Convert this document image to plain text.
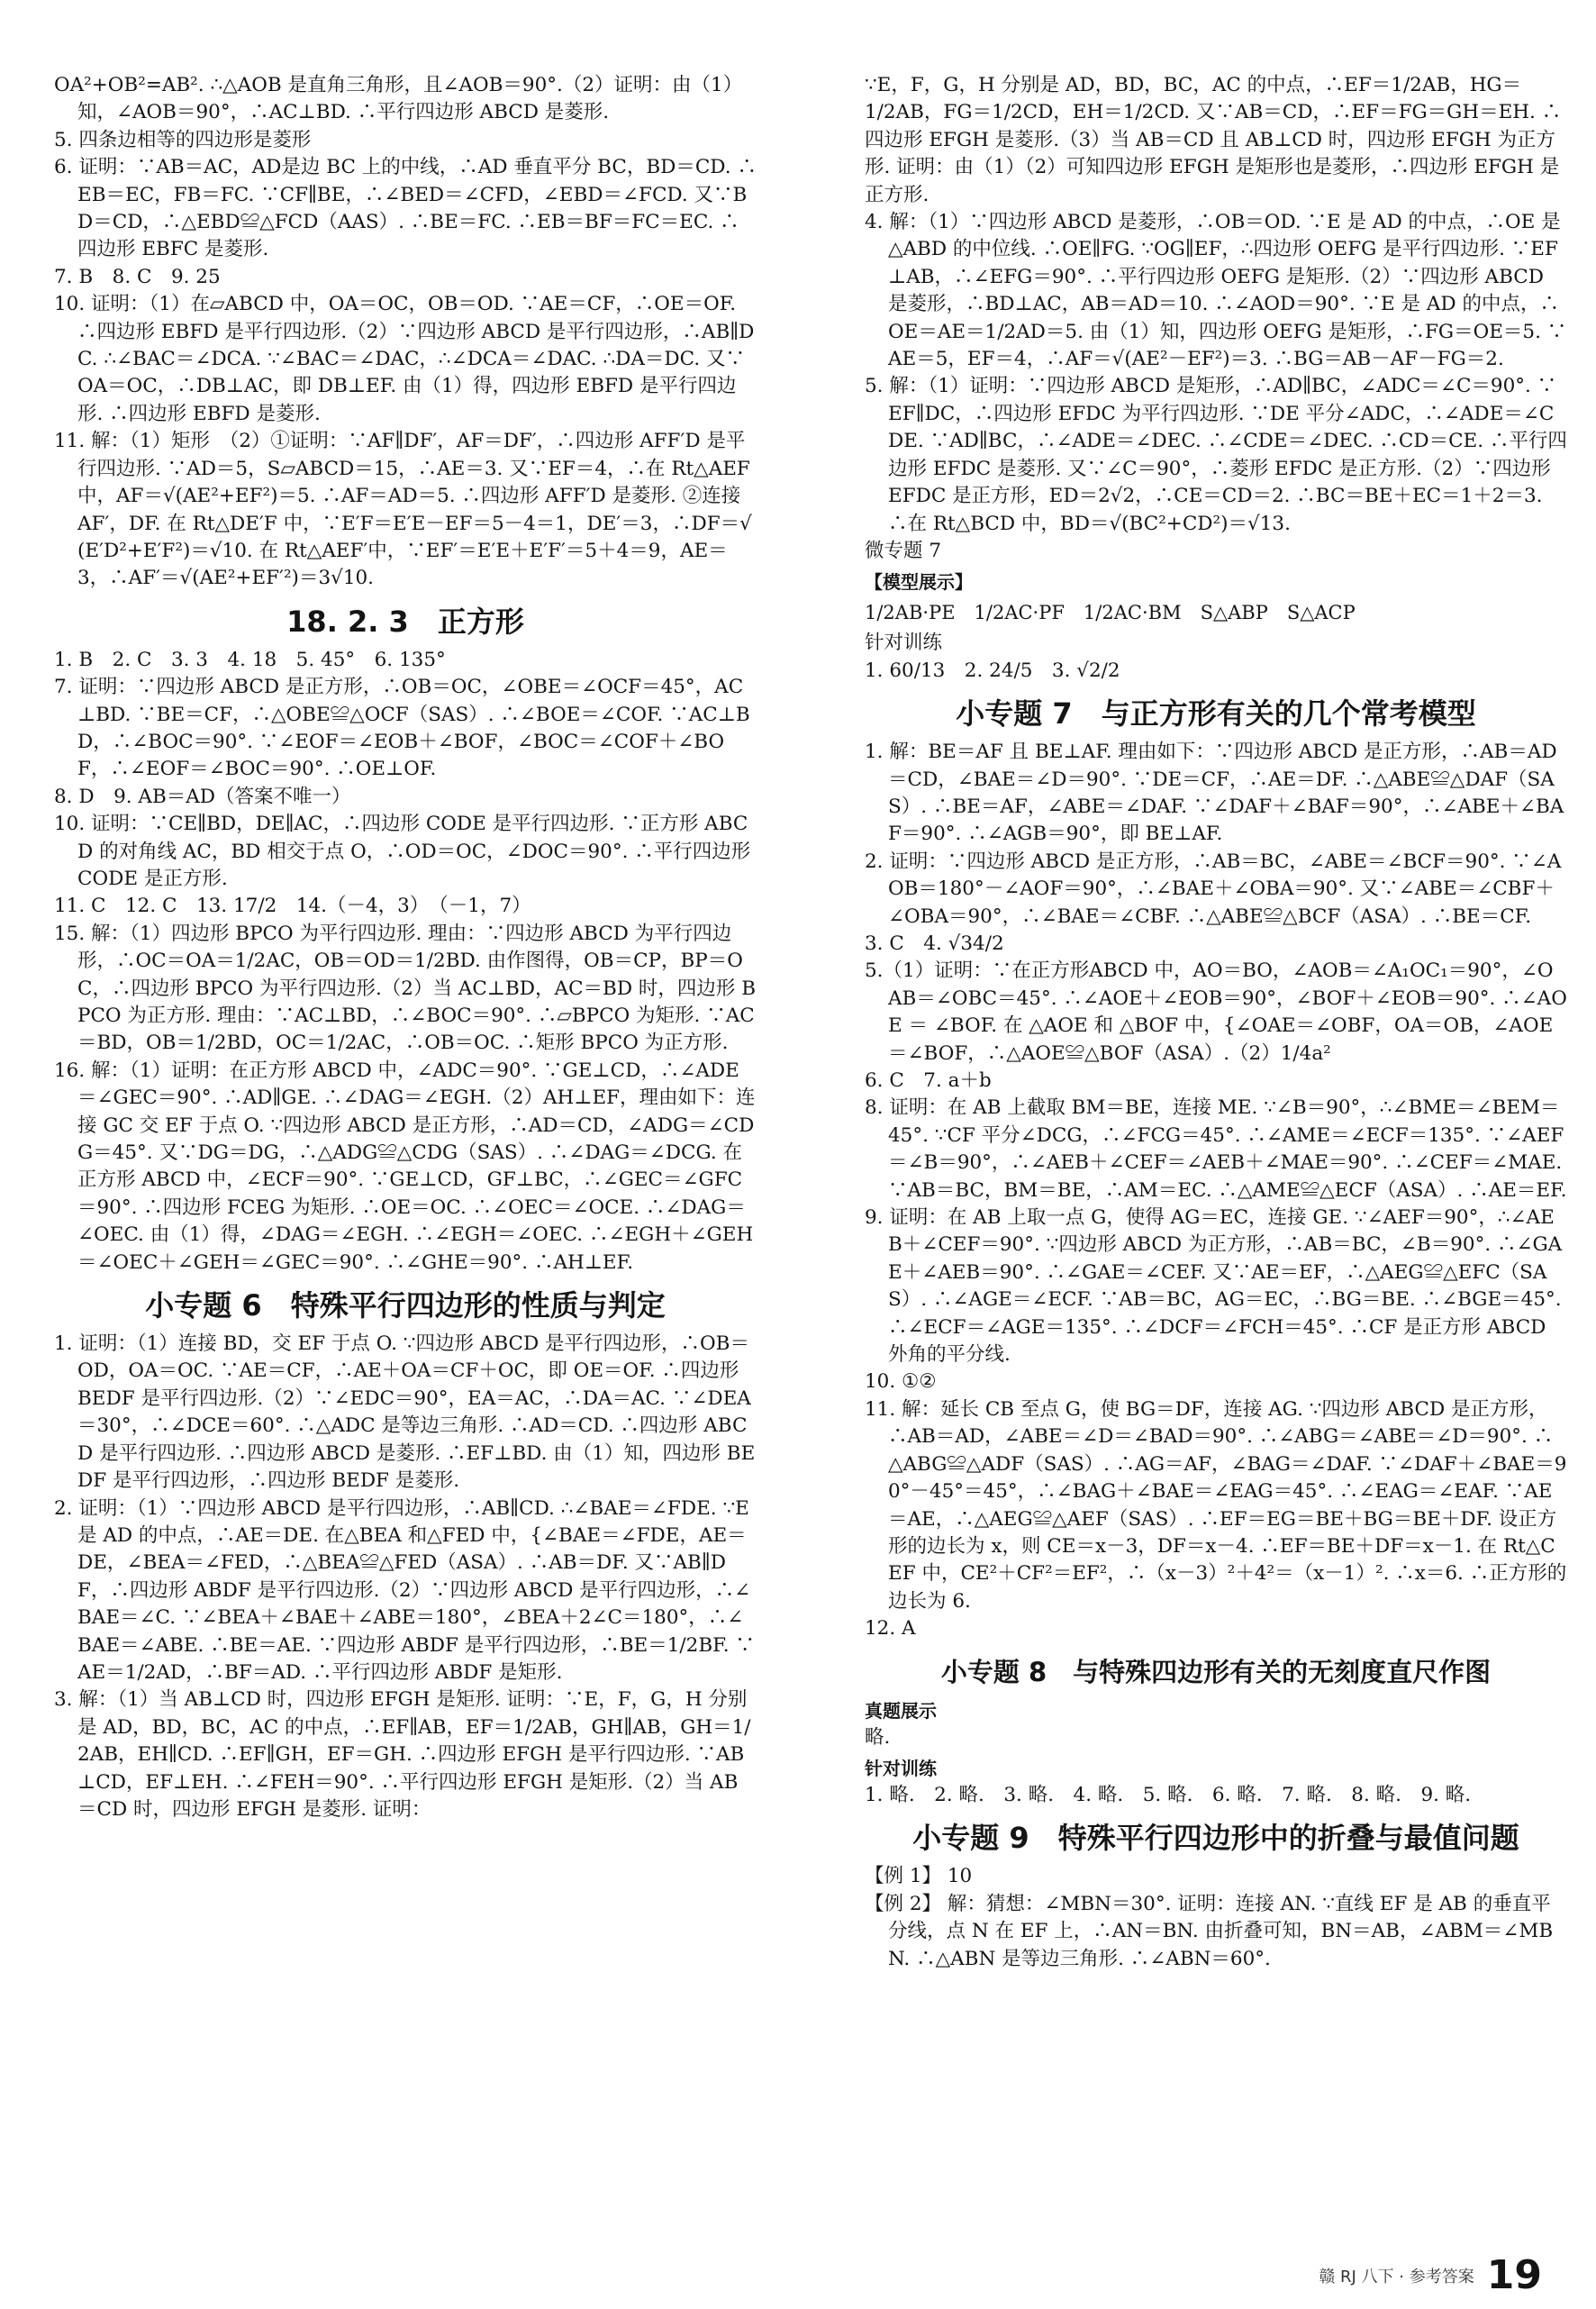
OA²+OB²=AB². ∴△AOB 是直角三角形，且∠AOB＝90°.（2）证明：由（1）知，∠AOB＝90°，∴AC⊥BD. ∴平行四边形 ABCD 是菱形.

5. 四条边相等的四边形是菱形

6. 证明：∵AB＝AC，AD是边 BC 上的中线，∴AD 垂直平分 BC，BD＝CD. ∴EB＝EC，FB＝FC. ∵CF∥BE，∴∠BED＝∠CFD，∠EBD＝∠FCD. 又∵BD＝CD，∴△EBD≌△FCD（AAS）. ∴BE＝FC. ∴EB＝BF＝FC＝EC. ∴四边形 EBFC 是菱形.

7. B　8. C　9. 25

10. 证明：（1）在▱ABCD 中，OA＝OC，OB＝OD. ∵AE＝CF，∴OE＝OF. ∴四边形 EBFD 是平行四边形.（2）∵四边形 ABCD 是平行四边形，∴AB∥DC. ∴∠BAC＝∠DCA. ∵∠BAC＝∠DAC，∴∠DCA＝∠DAC. ∴DA＝DC. 又∵OA＝OC，∴DB⊥AC，即 DB⊥EF. 由（1）得，四边形 EBFD 是平行四边形. ∴四边形 EBFD 是菱形.

11. 解：（1）矩形　（2）①证明：∵AF∥DF′，AF＝DF′，∴四边形 AFF′D 是平行四边形. ∵AD＝5，S▱ABCD＝15，∴AE＝3. 又∵EF＝4，∴在 Rt△AEF 中，AF＝√(AE²+EF²)＝5. ∴AF＝AD＝5. ∴四边形 AFF′D 是菱形. ②连接 AF′，DF. 在 Rt△DE′F 中，∵E′F＝E′E－EF＝5－4＝1，DE′＝3，∴DF＝√(E′D²+E′F²)＝√10. 在 Rt△AEF′中，∵EF′＝E′E＋E′F′＝5＋4＝9，AE＝3，∴AF′＝√(AE²+EF′²)＝3√10.

18. 2. 3　正方形

1. B　2. C　3. 3　4. 18　5. 45°　6. 135°

7. 证明：∵四边形 ABCD 是正方形，∴OB＝OC，∠OBE＝∠OCF＝45°，AC⊥BD. ∵BE＝CF，∴△OBE≌△OCF（SAS）. ∴∠BOE＝∠COF. ∵AC⊥BD，∴∠BOC＝90°. ∵∠EOF＝∠EOB＋∠BOF，∠BOC＝∠COF＋∠BOF，∴∠EOF＝∠BOC＝90°. ∴OE⊥OF.

8. D　9. AB＝AD（答案不唯一）

10. 证明：∵CE∥BD，DE∥AC，∴四边形 CODE 是平行四边形. ∵正方形 ABCD 的对角线 AC，BD 相交于点 O，∴OD＝OC，∠DOC＝90°. ∴平行四边形 CODE 是正方形.

11. C　12. C　13. 17/2　14.（－4，3）　（－1，7）

15. 解：（1）四边形 BPCO 为平行四边形. 理由：∵四边形 ABCD 为平行四边形，∴OC＝OA＝1/2AC，OB＝OD＝1/2BD. 由作图得，OB＝CP，BP＝OC，∴四边形 BPCO 为平行四边形.（2）当 AC⊥BD，AC＝BD 时，四边形 BPCO 为正方形. 理由：∵AC⊥BD，∴∠BOC＝90°. ∴▱BPCO 为矩形. ∵AC＝BD，OB＝1/2BD，OC＝1/2AC，∴OB＝OC. ∴矩形 BPCO 为正方形.

16. 解：（1）证明：在正方形 ABCD 中，∠ADC＝90°. ∵GE⊥CD，∴∠ADE＝∠GEC＝90°. ∴AD∥GE. ∴∠DAG＝∠EGH.（2）AH⊥EF，理由如下：连接 GC 交 EF 于点 O. ∵四边形 ABCD 是正方形，∴AD＝CD，∠ADG＝∠CDG＝45°. 又∵DG＝DG，∴△ADG≌△CDG（SAS）. ∴∠DAG＝∠DCG. 在正方形 ABCD 中，∠ECF＝90°. ∵GE⊥CD，GF⊥BC，∴∠GEC＝∠GFC＝90°. ∴四边形 FCEG 为矩形. ∴OE＝OC. ∴∠OEC＝∠OCE. ∴∠DAG＝∠OEC. 由（1）得，∠DAG＝∠EGH. ∴∠EGH＝∠OEC. ∴∠EGH＋∠GEH＝∠OEC＋∠GEH＝∠GEC＝90°. ∴∠GHE＝90°. ∴AH⊥EF.

小专题 6　特殊平行四边形的性质与判定

1. 证明：（1）连接 BD，交 EF 于点 O. ∵四边形 ABCD 是平行四边形，∴OB＝OD，OA＝OC. ∵AE＝CF，∴AE＋OA＝CF＋OC，即 OE＝OF. ∴四边形 BEDF 是平行四边形.（2）∵∠EDC＝90°，EA＝AC，∴DA＝AC. ∵∠DEA＝30°，∴∠DCE＝60°. ∴△ADC 是等边三角形. ∴AD＝CD. ∴四边形 ABCD 是平行四边形. ∴四边形 ABCD 是菱形. ∴EF⊥BD. 由（1）知，四边形 BEDF 是平行四边形，∴四边形 BEDF 是菱形.

2. 证明：（1）∵四边形 ABCD 是平行四边形，∴AB∥CD. ∴∠BAE＝∠FDE. ∵E 是 AD 的中点，∴AE＝DE. 在△BEA 和△FED 中，{∠BAE＝∠FDE，AE＝DE，∠BEA＝∠FED，∴△BEA≌△FED（ASA）. ∴AB＝DF. 又∵AB∥DF，∴四边形 ABDF 是平行四边形.（2）∵四边形 ABCD 是平行四边形，∴∠BAE＝∠C. ∵∠BEA＋∠BAE＋∠ABE＝180°，∠BEA＋2∠C＝180°，∴∠BAE＝∠ABE. ∴BE＝AE. ∵四边形 ABDF 是平行四边形，∴BE＝1/2BF. ∵AE＝1/2AD，∴BF＝AD. ∴平行四边形 ABDF 是矩形.

3. 解：（1）当 AB⊥CD 时，四边形 EFGH 是矩形. 证明：∵E，F，G，H 分别是 AD，BD，BC，AC 的中点，∴EF∥AB，EF＝1/2AB，GH∥AB，GH＝1/2AB，EH∥CD. ∴EF∥GH，EF＝GH. ∴四边形 EFGH 是平行四边形. ∵AB⊥CD，EF⊥EH. ∴∠FEH＝90°. ∴平行四边形 EFGH 是矩形.（2）当 AB＝CD 时，四边形 EFGH 是菱形. 证明：

∵E，F，G，H 分别是 AD，BD，BC，AC 的中点，∴EF＝1/2AB，HG＝1/2AB，FG＝1/2CD，EH＝1/2CD. 又∵AB＝CD，∴EF＝FG＝GH＝EH. ∴四边形 EFGH 是菱形.（3）当 AB＝CD 且 AB⊥CD 时，四边形 EFGH 为正方形. 证明：由（1）（2）可知四边形 EFGH 是矩形也是菱形，∴四边形 EFGH 是正方形.

4. 解：（1）∵四边形 ABCD 是菱形，∴OB＝OD. ∵E 是 AD 的中点，∴OE 是△ABD 的中位线. ∴OE∥FG. ∵OG∥EF，∴四边形 OEFG 是平行四边形. ∵EF⊥AB，∴∠EFG＝90°. ∴平行四边形 OEFG 是矩形.（2）∵四边形 ABCD 是菱形，∴BD⊥AC，AB＝AD＝10. ∴∠AOD＝90°. ∵E 是 AD 的中点，∴OE＝AE＝1/2AD＝5. 由（1）知，四边形 OEFG 是矩形，∴FG＝OE＝5. ∵AE＝5，EF＝4，∴AF＝√(AE²－EF²)＝3. ∴BG＝AB－AF－FG＝2.

5. 解：（1）证明：∵四边形 ABCD 是矩形，∴AD∥BC，∠ADC＝∠C＝90°. ∵EF∥DC，∴四边形 EFDC 为平行四边形. ∵DE 平分∠ADC，∴∠ADE＝∠CDE. ∵AD∥BC，∴∠ADE＝∠DEC. ∴∠CDE＝∠DEC. ∴CD＝CE. ∴平行四边形 EFDC 是菱形. 又∵∠C＝90°，∴菱形 EFDC 是正方形.（2）∵四边形 EFDC 是正方形，ED＝2√2，∴CE＝CD＝2. ∴BC＝BE＋EC＝1＋2＝3. ∴在 Rt△BCD 中，BD＝√(BC²+CD²)＝√13.

微专题 7

【模型展示】

1/2AB·PE　1/2AC·PF　1/2AC·BM　S△ABP　S△ACP

针对训练

1. 60/13　2. 24/5　3. √2/2

小专题 7　与正方形有关的几个常考模型

1. 解：BE＝AF 且 BE⊥AF. 理由如下：∵四边形 ABCD 是正方形，∴AB＝AD＝CD，∠BAE＝∠D＝90°. ∵DE＝CF，∴AE＝DF. ∴△ABE≌△DAF（SAS）. ∴BE＝AF，∠ABE＝∠DAF. ∵∠DAF＋∠BAF＝90°，∴∠ABE＋∠BAF＝90°. ∴∠AGB＝90°，即 BE⊥AF.

2. 证明：∵四边形 ABCD 是正方形，∴AB＝BC，∠ABE＝∠BCF＝90°. ∵∠AOB＝180°－∠AOF＝90°，∴∠BAE＋∠OBA＝90°. 又∵∠ABE＝∠CBF＋∠OBA＝90°，∴∠BAE＝∠CBF. ∴△ABE≌△BCF（ASA）. ∴BE＝CF.

3. C　4. √34/2

5.（1）证明：∵在正方形ABCD 中，AO＝BO，∠AOB＝∠A₁OC₁＝90°，∠OAB＝∠OBC＝45°. ∴∠AOE＋∠EOB＝90°，∠BOF＋∠EOB＝90°. ∴∠AOE ＝ ∠BOF. 在 △AOE 和 △BOF 中，{∠OAE＝∠OBF，OA＝OB，∠AOE＝∠BOF，∴△AOE≌△BOF（ASA）.（2）1/4a²

6. C　7. a＋b

8. 证明：在 AB 上截取 BM＝BE，连接 ME. ∵∠B＝90°，∴∠BME＝∠BEM＝45°. ∵CF 平分∠DCG，∴∠FCG＝45°. ∴∠AME＝∠ECF＝135°. ∵∠AEF＝∠B＝90°，∴∠AEB＋∠CEF＝∠AEB＋∠MAE＝90°. ∴∠CEF＝∠MAE. ∵AB＝BC，BM＝BE，∴AM＝EC. ∴△AME≌△ECF（ASA）. ∴AE＝EF.

9. 证明：在 AB 上取一点 G，使得 AG＝EC，连接 GE. ∵∠AEF＝90°，∴∠AEB＋∠CEF＝90°. ∵四边形 ABCD 为正方形，∴AB＝BC，∠B＝90°. ∴∠GAE＋∠AEB＝90°. ∴∠GAE＝∠CEF. 又∵AE＝EF，∴△AEG≌△EFC（SAS）. ∴∠AGE＝∠ECF. ∵AB＝BC，AG＝EC，∴BG＝BE. ∴∠BGE＝45°. ∴∠ECF＝∠AGE＝135°. ∴∠DCF＝∠FCH＝45°. ∴CF 是正方形 ABCD 外角的平分线.

10. ①②

11. 解：延长 CB 至点 G，使 BG＝DF，连接 AG. ∵四边形 ABCD 是正方形，∴AB＝AD，∠ABE＝∠D＝∠BAD＝90°. ∴∠ABG＝∠ABE＝∠D＝90°. ∴△ABG≌△ADF（SAS）. ∴AG＝AF，∠BAG＝∠DAF. ∵∠DAF＋∠BAE＝90°－45°＝45°，∴∠BAG＋∠BAE＝∠EAG＝45°. ∴∠EAG＝∠EAF. ∵AE＝AE，∴△AEG≌△AEF（SAS）. ∴EF＝EG＝BE＋BG＝BE＋DF. 设正方形的边长为 x，则 CE＝x－3，DF＝x－4. ∴EF＝BE＋DF＝x－1. 在 Rt△CEF 中，CE²＋CF²＝EF²，∴（x－3）²＋4²＝（x－1）². ∴x＝6. ∴正方形的边长为 6.

12. A

小专题 8　与特殊四边形有关的无刻度直尺作图

真题展示

略.

针对训练

1. 略.　2. 略.　3. 略.　4. 略.　5. 略.　6. 略.　7. 略.　8. 略.　9. 略.

小专题 9　特殊平行四边形中的折叠与最值问题

【例 1】 10

【例 2】 解：猜想：∠MBN＝30°. 证明：连接 AN. ∵直线 EF 是 AB 的垂直平分线，点 N 在 EF 上，∴AN＝BN. 由折叠可知，BN＝AB，∠ABM＝∠MBN. ∴△ABN 是等边三角形. ∴∠ABN＝60°.

赣 RJ 八下 · 参考答案 19
